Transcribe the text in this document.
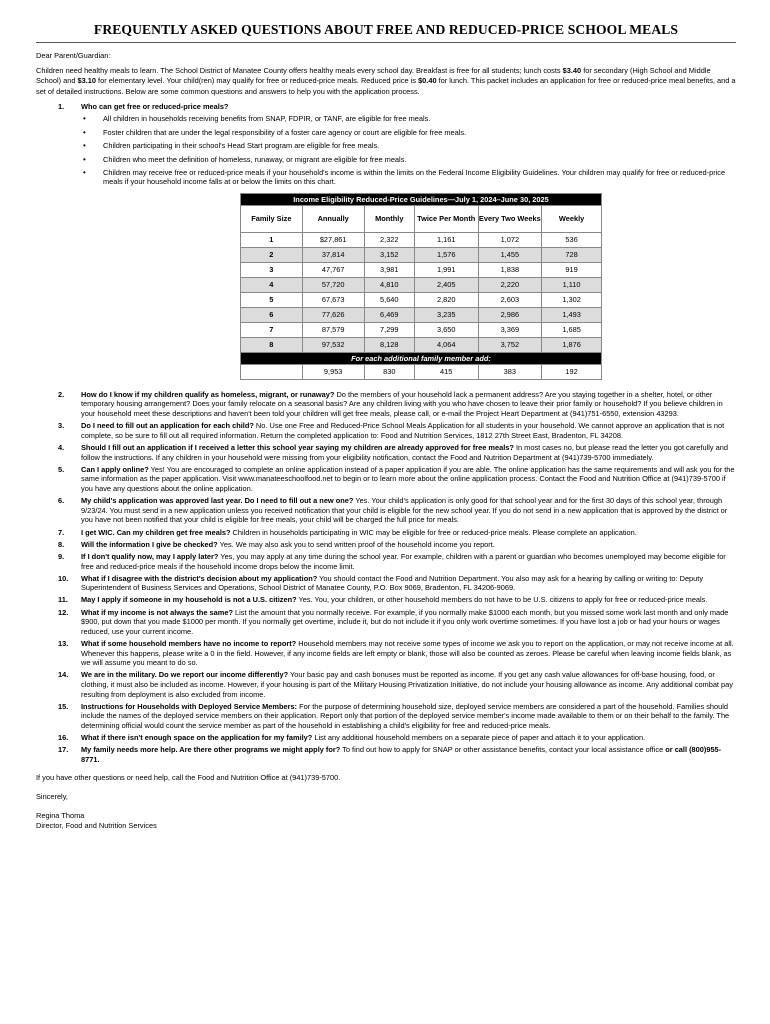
FREQUENTLY ASKED QUESTIONS ABOUT FREE AND REDUCED-PRICE SCHOOL MEALS
Dear Parent/Guardian:
Children need healthy meals to learn. The School District of Manatee County offers healthy meals every school day. Breakfast is free for all students; lunch costs $3.40 for secondary (High School and Middle School) and $3.10 for elementary level. Your child(ren) may qualify for free or reduced-price meals. Reduced price is $0.40 for lunch. This packet includes an application for free or reduced-price meal benefits, and a set of detailed instructions. Below are some common questions and answers to help you with the application process.
1.	Who can get free or reduced-price meals?
• All children in households receiving benefits from SNAP, FDPIR, or TANF, are eligible for free meals.
• Foster children that are under the legal responsibility of a foster care agency or court are eligible for free meals.
• Children participating in their school's Head Start program are eligible for free meals.
• Children who meet the definition of homeless, runaway, or migrant are eligible for free meals.
• Children may receive free or reduced-price meals if your household's income is within the limits on the Federal Income Eligibility Guidelines. Your children may qualify for free or reduced-price meals if your household income falls at or below the limits on this chart.
Income Eligibility Reduced-Price Guidelines—July 1, 2024–June 30, 2025					
Family Size	Annually	Monthly	Twice Per Month	Every Two Weeks	Weekly
1	$27,861	2,322	1,161	1,072	536
2	37,814	3,152	1,576	1,455	728
3	47,767	3,981	1,991	1,838	919
4	57,720	4,810	2,405	2,220	1,110
5	67,673	5,640	2,820	2,603	1,302
6	77,626	6,469	3,235	2,986	1,493
7	87,579	7,299	3,650	3,369	1,685
8	97,532	8,128	4,064	3,752	1,876
For each additional family member add:					
	9,953	830	415	383	192
2.	How do I know if my children qualify as homeless, migrant, or runaway? Do the members of your household lack a permanent address? Are you staying together in a shelter, hotel, or other temporary housing arrangement? Does your family relocate on a seasonal basis? Are any children living with you who have chosen to leave their prior family or household? If you believe children in your household meet these descriptions and haven't been told your children will get free meals, please call, or e-mail the Project Heart Department at (941)751-6550, extension 43293.
3.	Do I need to fill out an application for each child? No. Use one Free and Reduced-Price School Meals Application for all students in your household. We cannot approve an application that is not complete, so be sure to fill out all required information. Return the completed application to: Food and Nutrition Services, 1812 27th Street East, Bradenton, FL 34208.
4.	Should I fill out an application if I received a letter this school year saying my children are already approved for free meals? In most cases no, but please read the letter you got carefully and follow the instructions. If any children in your household were missing from your eligibility notification, contact the Food and Nutrition Department at (941)739-5700 immediately.
5.	Can I apply online? Yes! You are encouraged to complete an online application instead of a paper application if you are able. The online application has the same requirements and will ask you for the same information as the paper application. Visit www.manateeschoolfood.net to begin or to learn more about the online application process. Contact the Food and Nutrition Office at (941)739-5700 if you have any questions about the online application.
6.	My child's application was approved last year. Do I need to fill out a new one? Yes. Your child's application is only good for that school year and for the first 30 days of this school year, through 9/23/24. You must send in a new application unless you received notification that your child is eligible for the new school year. If you do not send in a new application that is approved by the district or you have not been notified that your child is eligible for free meals, your child will be charged the full price for meals.
7.	I get WIC. Can my children get free meals? Children in households participating in WIC may be eligible for free or reduced-price meals. Please complete an application.
8.	Will the information I give be checked? Yes. We may also ask you to send written proof of the household income you report.
9.	If I don't qualify now, may I apply later? Yes, you may apply at any time during the school year. For example, children with a parent or guardian who becomes unemployed may become eligible for free and reduced-price meals if the household income drops below the income limit.
10.	What if I disagree with the district's decision about my application? You should contact the Food and Nutrition Department. You also may ask for a hearing by calling or writing to: Deputy Superintendent of Business Services and Operations, School District of Manatee County, P.O. Box 9069, Bradenton, FL 34206-9069.
11.	May I apply if someone in my household is not a U.S. citizen? Yes. You, your children, or other household members do not have to be U.S. citizens to apply for free or reduced-price meals.
12.	What if my income is not always the same? List the amount that you normally receive. For example, if you normally make $1000 each month, but you missed some work last month and only made $900, put down that you made $1000 per month. If you normally get overtime, include it, but do not include it if you only work overtime sometimes. If you have lost a job or had your hours or wages reduced, use your current income.
13.	What if some household members have no income to report? Household members may not receive some types of income we ask you to report on the application, or may not receive income at all. Whenever this happens, please write a 0 in the field. However, if any income fields are left empty or blank, those will also be counted as zeroes. Please be careful when leaving income fields blank, as we will assume you meant to do so.
14.	We are in the military. Do we report our income differently? Your basic pay and cash bonuses must be reported as income. If you get any cash value allowances for off-base housing, food, or clothing, it must also be included as income. However, if your housing is part of the Military Housing Privatization Initiative, do not include your housing allowance as income. Any additional combat pay resulting from deployment is also excluded from income.
15.	Instructions for Households with Deployed Service Members: For the purpose of determining household size, deployed service members are considered a part of the household. Families should include the names of the deployed service members on their application. Report only that portion of the deployed service member's income made available to them or on their behalf to the family. The determining official would count the service member as part of the household in establishing a child's eligibility for free and reduced-price meals.
16.	What if there isn't enough space on the application for my family? List any additional household members on a separate piece of paper and attach it to your application.
17.	My family needs more help. Are there other programs we might apply for? To find out how to apply for SNAP or other assistance benefits, contact your local assistance office or call (800)955-8771.
If you have other questions or need help, call the Food and Nutrition Office at (941)739-5700.
Sincerely,
Regina Thoma
Director, Food and Nutrition Services
